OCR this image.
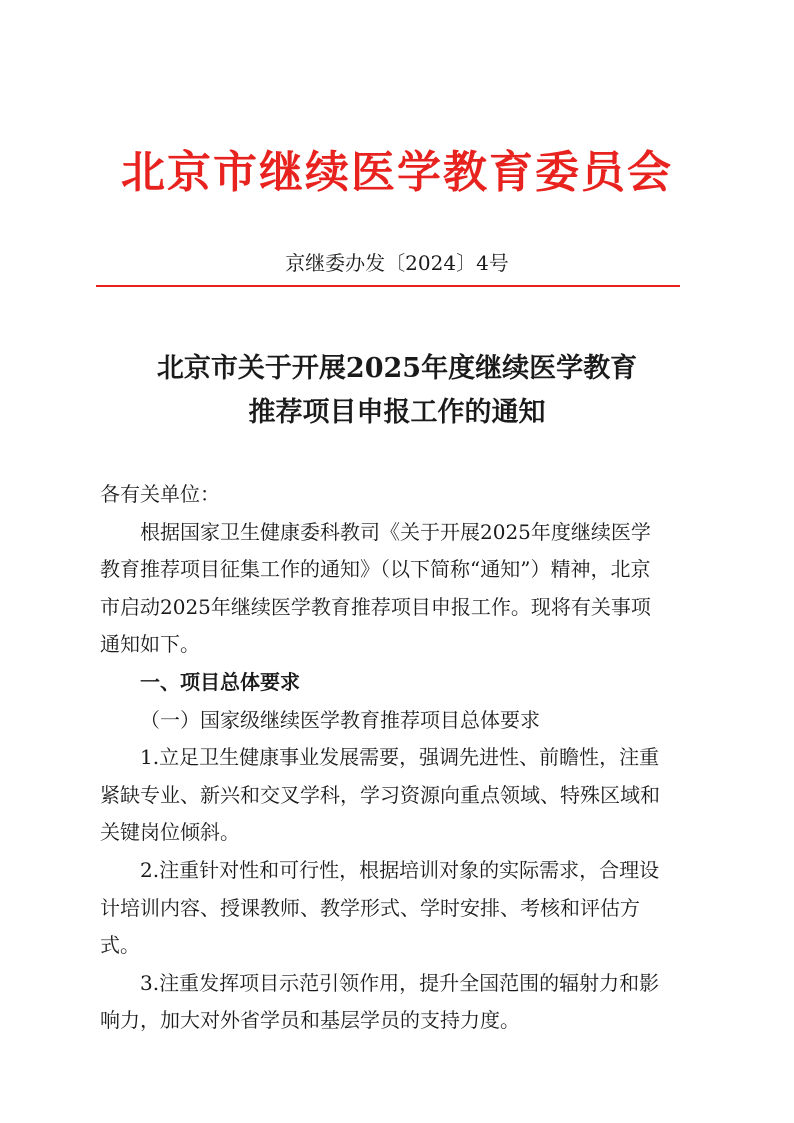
北京市继续医学教育委员会
京继委办发〔2024〕4号
北京市关于开展2025年度继续医学教育
推荐项目申报工作的通知

各有关单位：

根据国家卫生健康委科教司《关于开展2025年度继续医学教育推荐项目征集工作的通知》（以下简称“通知”）精神，北京市启动2025年继续医学教育推荐项目申报工作。现将有关事项通知如下。

一、项目总体要求

（一）国家级继续医学教育推荐项目总体要求

1.立足卫生健康事业发展需要，强调先进性、前瞻性，注重紧缺专业、新兴和交叉学科，学习资源向重点领域、特殊区域和关键岗位倾斜。

2.注重针对性和可行性，根据培训对象的实际需求，合理设计培训内容、授课教师、教学形式、学时安排、考核和评估方式。

3.注重发挥项目示范引领作用，提升全国范围的辐射力和影响力，加大对外省学员和基层学员的支持力度。
